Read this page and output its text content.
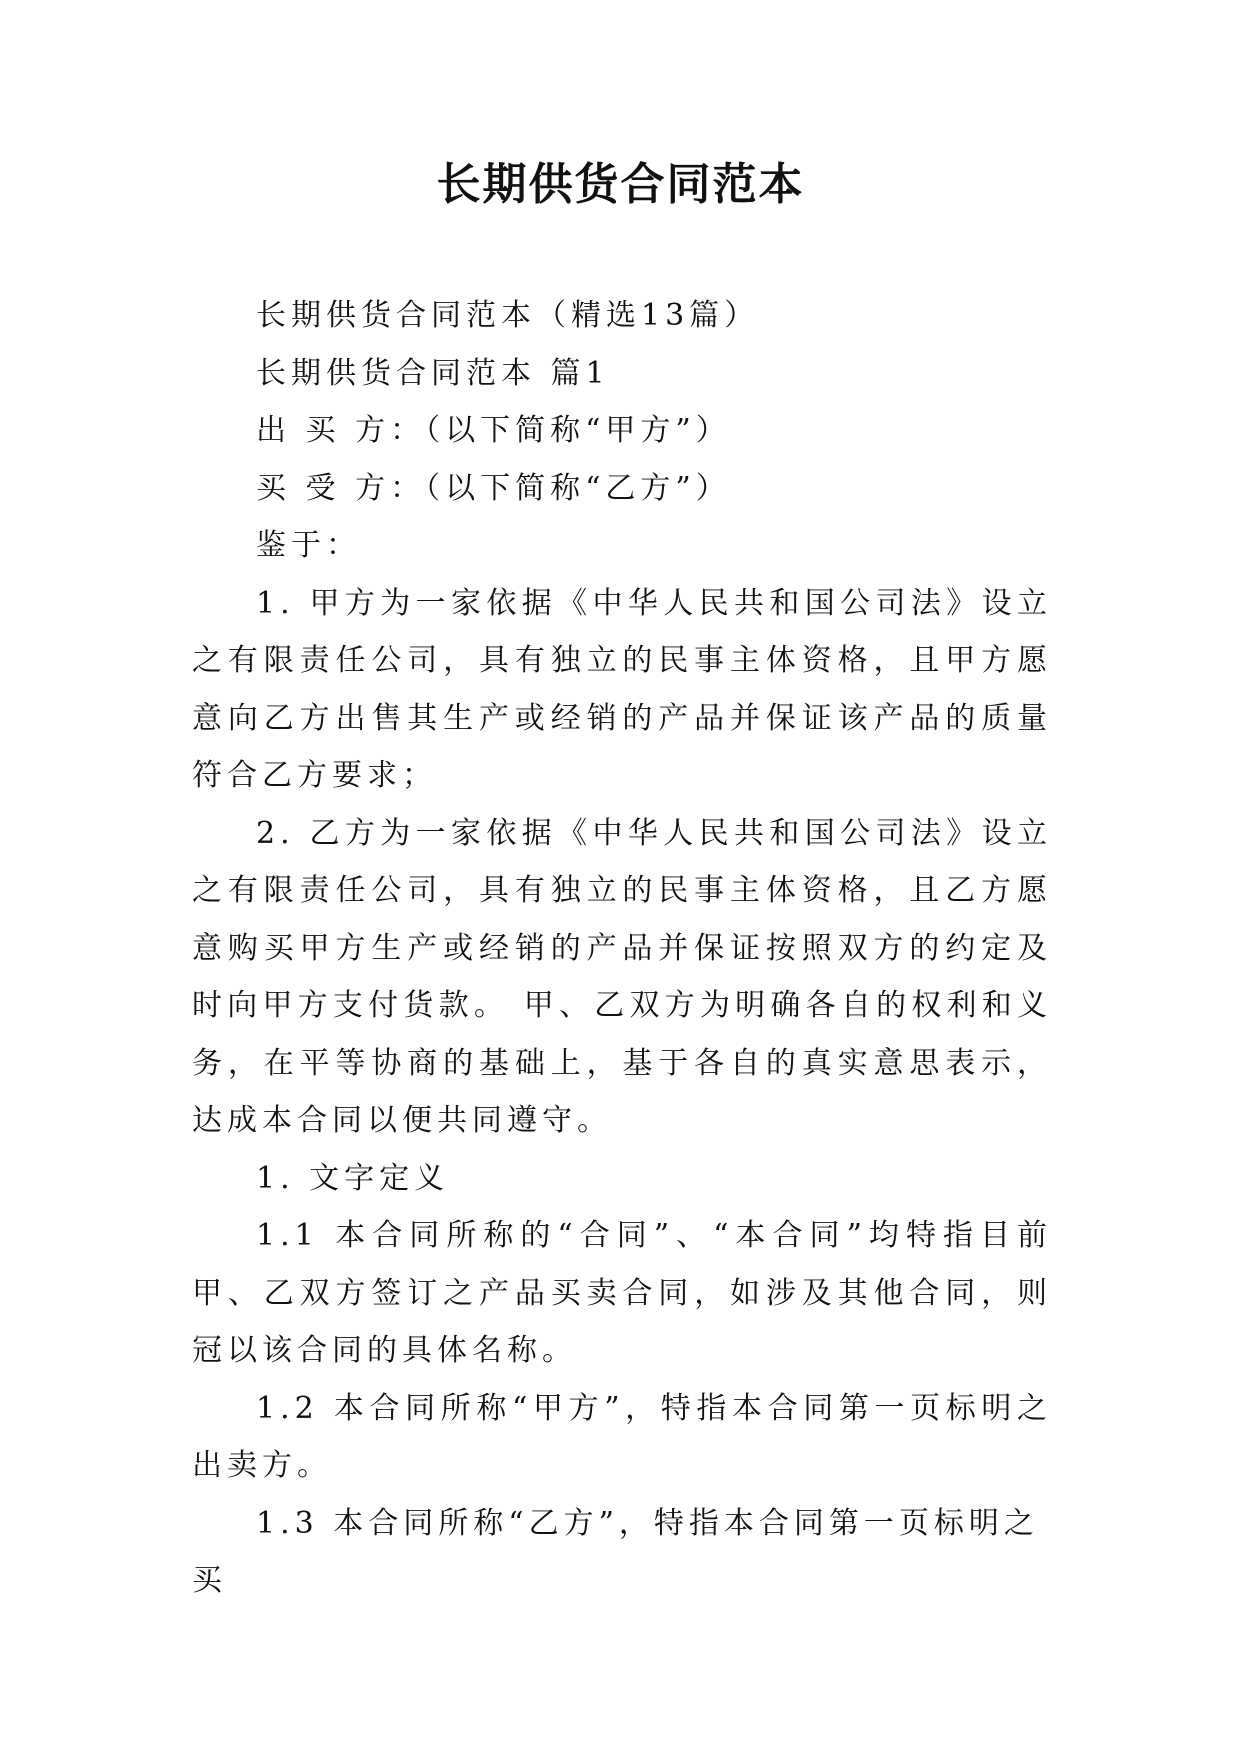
长期供货合同范本

长期供货合同范本（精选13篇）

长期供货合同范本 篇1

出 买 方：（以下简称“甲方”）

买 受 方：（以下简称“乙方”）

鉴于：

1. 甲方为一家依据《中华人民共和国公司法》设立之有限责任公司，具有独立的民事主体资格，且甲方愿意向乙方出售其生产或经销的产品并保证该产品的质量符合乙方要求；

2. 乙方为一家依据《中华人民共和国公司法》设立之有限责任公司，具有独立的民事主体资格，且乙方愿意购买甲方生产或经销的产品并保证按照双方的约定及时向甲方支付货款。 甲、乙双方为明确各自的权利和义务，在平等协商的基础上，基于各自的真实意思表示，达成本合同以便共同遵守。

1. 文字定义

1.1 本合同所称的“合同”、“本合同”均特指目前甲、乙双方签订之产品买卖合同，如涉及其他合同，则冠以该合同的具体名称。

1.2 本合同所称“甲方”，特指本合同第一页标明之出卖方。

1.3 本合同所称“乙方”，特指本合同第一页标明之买
